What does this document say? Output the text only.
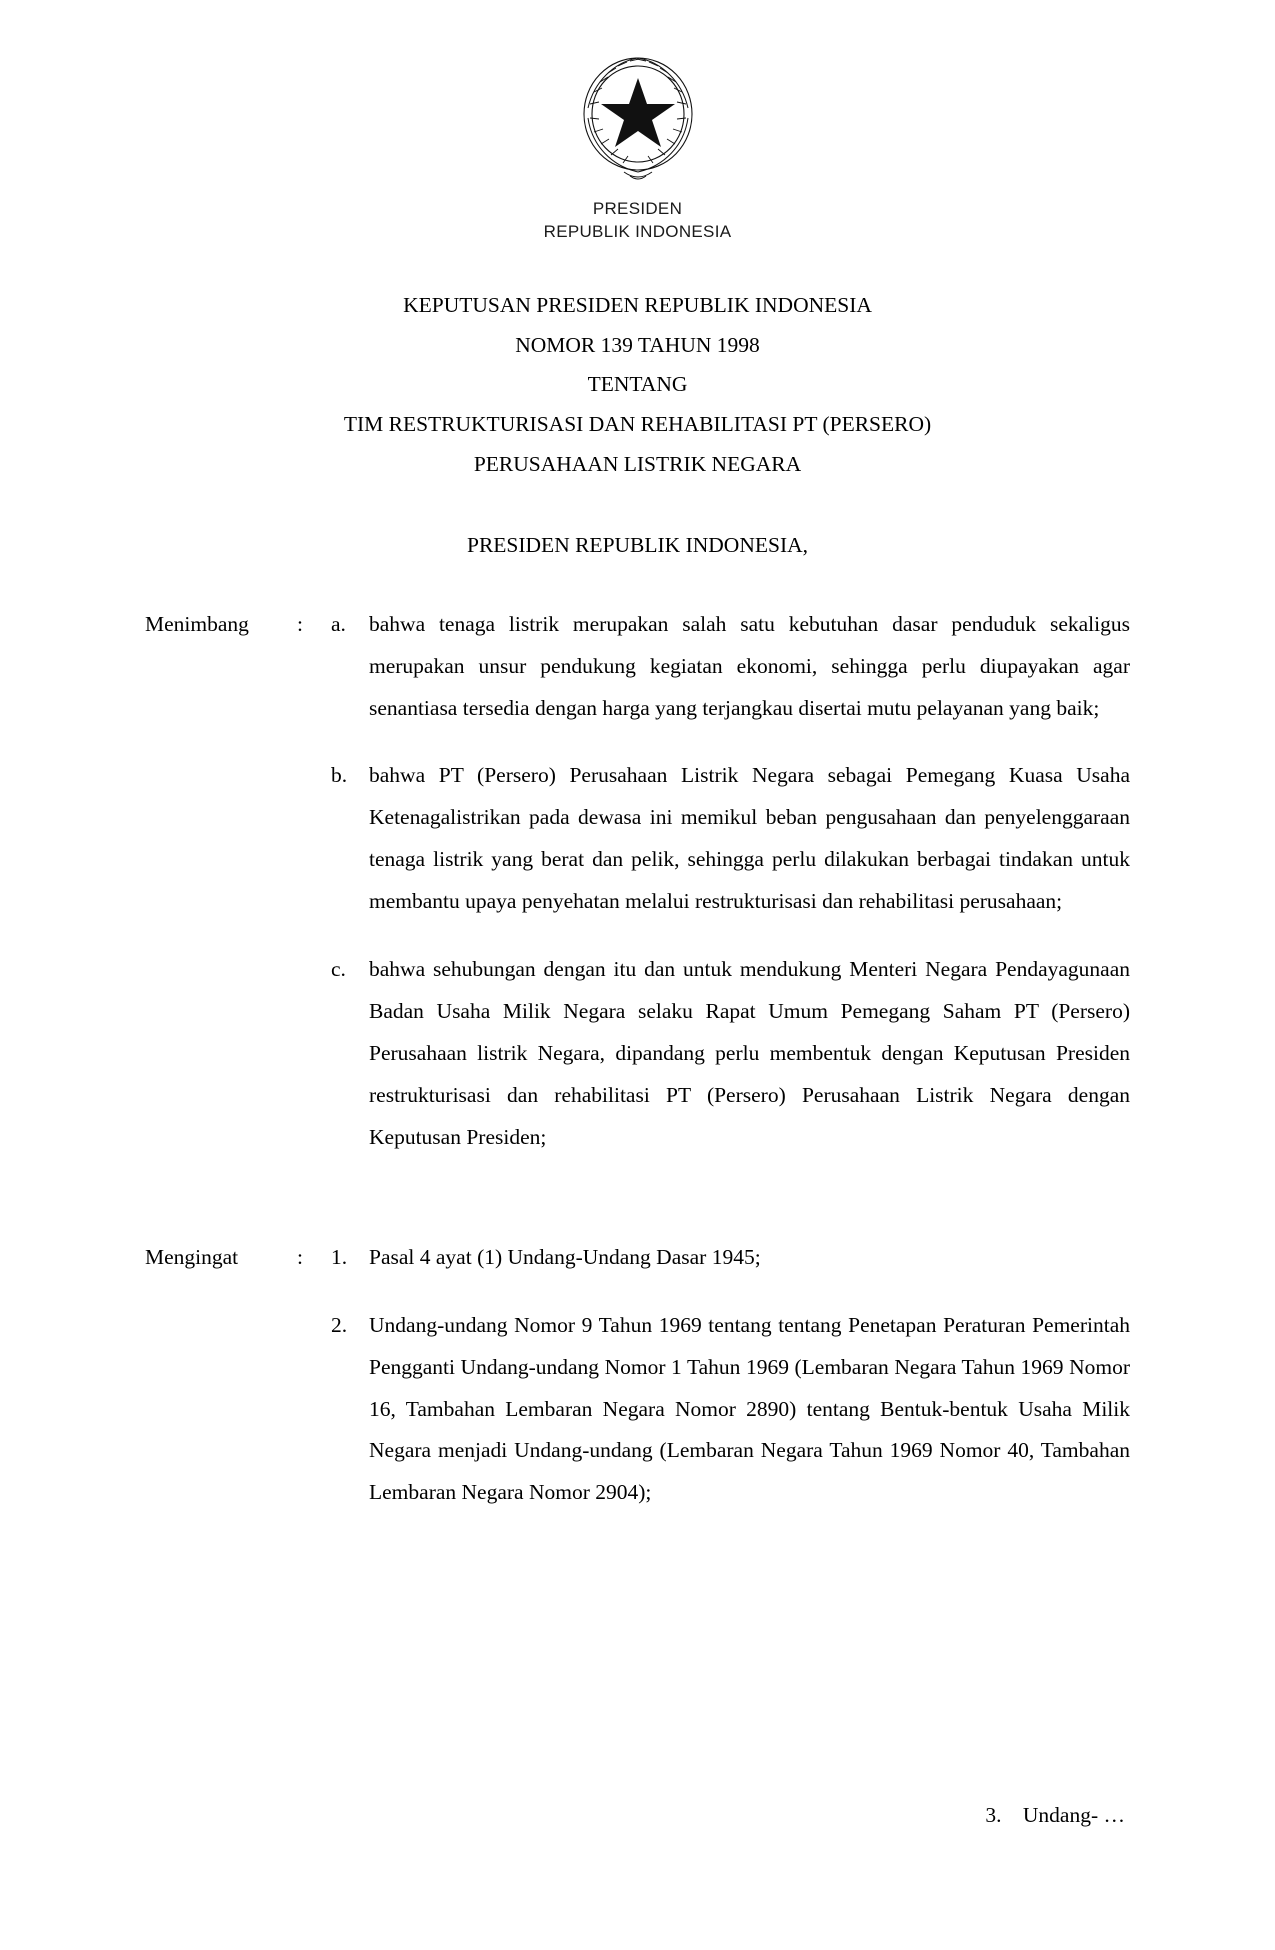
PRESIDEN
REPUBLIK INDONESIA
KEPUTUSAN PRESIDEN REPUBLIK INDONESIA
NOMOR 139 TAHUN 1998
TENTANG
TIM RESTRUKTURISASI DAN REHABILITASI PT (PERSERO)
PERUSAHAAN LISTRIK NEGARA
PRESIDEN REPUBLIK INDONESIA,
Menimbang	:	a.	bahwa tenaga listrik merupakan salah satu kebutuhan dasar penduduk sekaligus merupakan unsur pendukung kegiatan ekonomi, sehingga perlu diupayakan agar senantiasa tersedia dengan harga yang terjangkau disertai mutu pelayanan yang baik;
b.	bahwa PT (Persero) Perusahaan Listrik Negara sebagai Pemegang Kuasa Usaha Ketenagalistrikan pada dewasa ini memikul beban pengusahaan dan penyelenggaraan tenaga listrik yang berat dan pelik, sehingga perlu dilakukan berbagai tindakan untuk membantu upaya penyehatan melalui restrukturisasi dan rehabilitasi perusahaan;
c.	bahwa sehubungan dengan itu dan untuk mendukung Menteri Negara Pendayagunaan Badan Usaha Milik Negara selaku Rapat Umum Pemegang Saham PT (Persero) Perusahaan listrik Negara, dipandang perlu membentuk dengan Keputusan Presiden restrukturisasi dan rehabilitasi PT (Persero) Perusahaan Listrik Negara dengan Keputusan Presiden;
Mengingat	:	1.	Pasal 4 ayat (1) Undang-Undang Dasar 1945;
2.	Undang-undang Nomor 9 Tahun 1969 tentang tentang Penetapan Peraturan Pemerintah Pengganti Undang-undang Nomor 1 Tahun 1969 (Lembaran Negara Tahun 1969 Nomor 16, Tambahan Lembaran Negara Nomor 2890) tentang Bentuk-bentuk Usaha Milik Negara menjadi Undang-undang (Lembaran Negara Tahun 1969 Nomor 40, Tambahan Lembaran Negara Nomor 2904);
3. Undang- …
